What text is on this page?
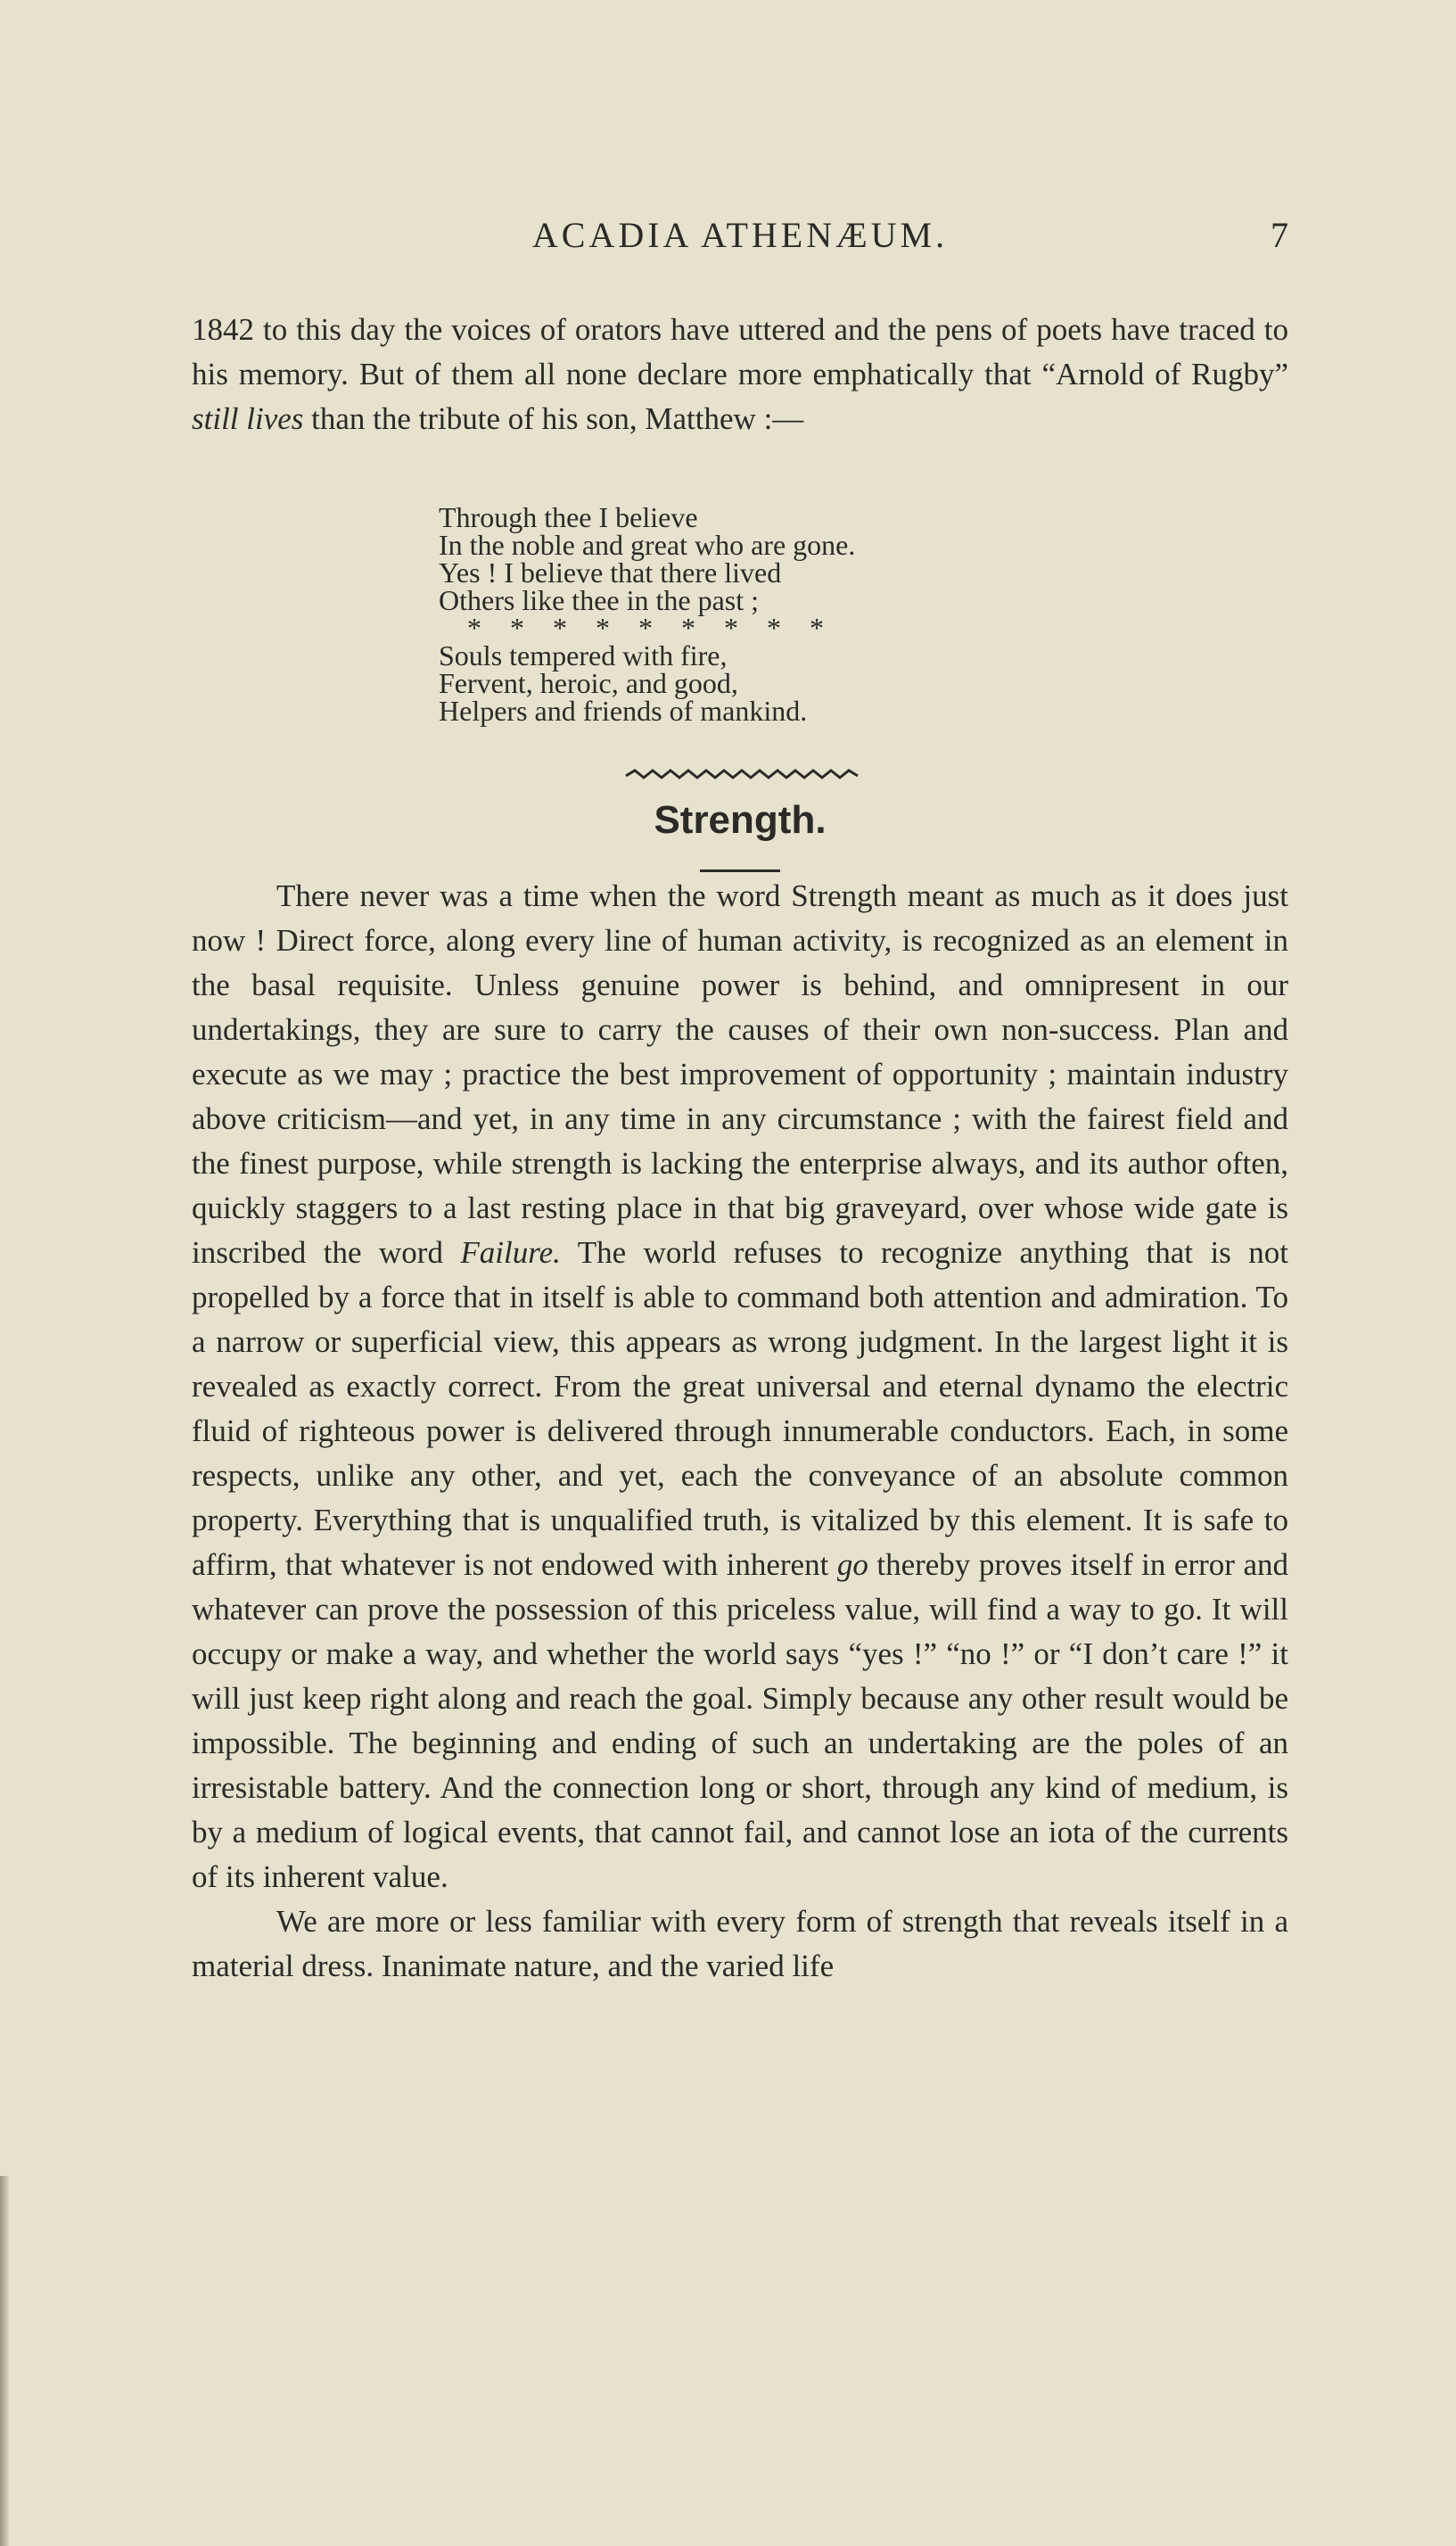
ACADIA ATHENÆUM.	7

1842 to this day the voices of orators have uttered and the pens of poets have traced to his memory. But of them all none declare more emphatically that “Arnold of Rugby” still lives than the tribute of his son, Matthew :—

Through thee I believe
In the noble and great who are gone.
Yes ! I believe that there lived
Others like thee in the past ;
*    *    *    *    *    *    *    *    *
Souls tempered with fire,
Fervent, heroic, and good,
Helpers and friends of mankind.
Strength.

There never was a time when the word Strength meant as much as it does just now ! Direct force, along every line of human activity, is recognized as an element in the basal requisite. Unless genuine power is behind, and omnipresent in our undertakings, they are sure to carry the causes of their own non-success. Plan and execute as we may ; practice the best improvement of opportunity ; maintain industry above criticism—and yet, in any time in any circumstance ; with the fairest field and the finest purpose, while strength is lacking the enterprise always, and its author often, quickly staggers to a last resting place in that big graveyard, over whose wide gate is inscribed the word Failure. The world refuses to recognize anything that is not propelled by a force that in itself is able to command both attention and admiration. To a narrow or superficial view, this appears as wrong judgment. In the largest light it is revealed as exactly correct. From the great universal and eternal dynamo the electric fluid of righteous power is delivered through innumerable conductors. Each, in some respects, unlike any other, and yet, each the conveyance of an absolute common property. Everything that is unqualified truth, is vitalized by this element. It is safe to affirm, that whatever is not endowed with inherent go thereby proves itself in error and whatever can prove the possession of this priceless value, will find a way to go. It will occupy or make a way, and whether the world says “yes !” “no !” or “I don’t care !” it will just keep right along and reach the goal. Simply because any other result would be impossible. The beginning and ending of such an undertaking are the poles of an irresistable battery. And the connection long or short, through any kind of medium, is by a medium of logical events, that cannot fail, and cannot lose an iota of the currents of its inherent value.

We are more or less familiar with every form of strength that reveals itself in a material dress. Inanimate nature, and the varied life
